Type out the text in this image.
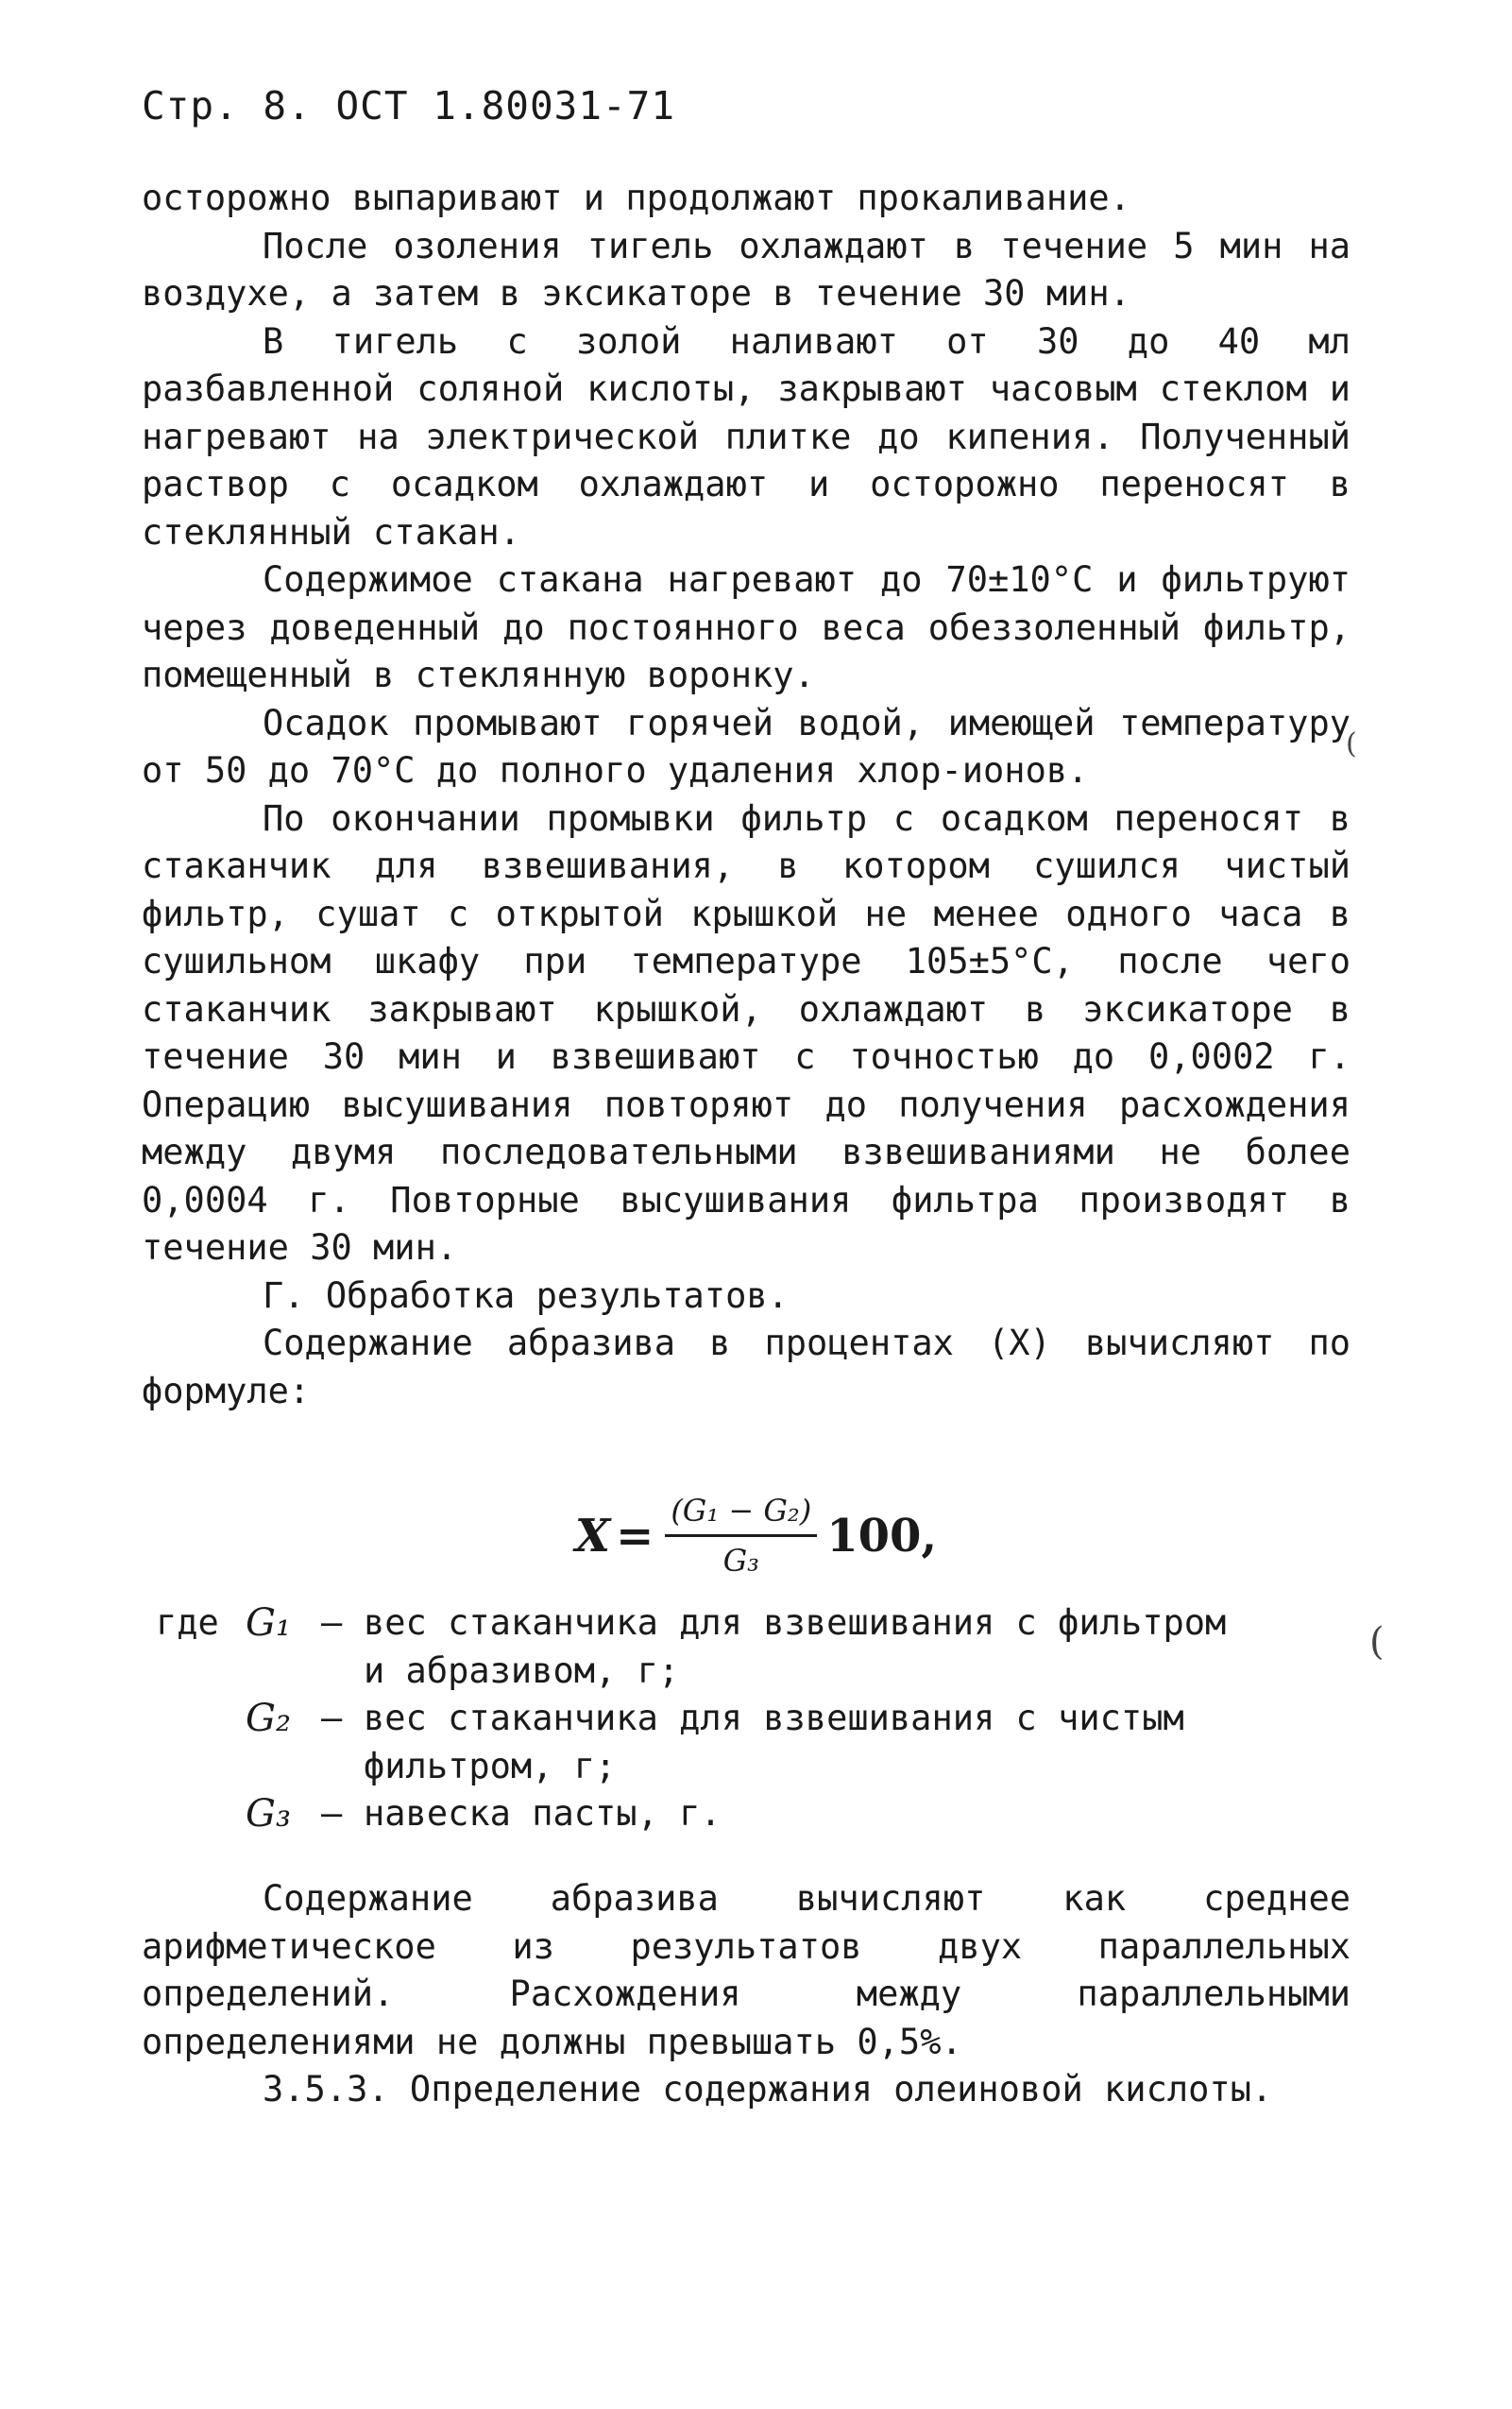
Стр. 8. ОСТ 1.80031-71

осторожно выпаривают и продолжают прокаливание.

После озоления тигель охлаждают в течение 5 мин на воздухе, а затем в эксикаторе в течение 30 мин.

В тигель с золой наливают от 30 до 40 мл разбавленной соляной кислоты, закрывают часовым стеклом и нагревают на электрической плитке до кипения. Полученный раствор с осадком охлаждают и осторожно переносят в стеклянный стакан.

Содержимое стакана нагревают до 70±10°С и фильтруют через доведенный до постоянного веса обеззоленный фильтр, помещенный в стеклянную воронку.

Осадок промывают горячей водой, имеющей температуру от 50 до 70°С до полного удаления хлор-ионов.

По окончании промывки фильтр с осадком переносят в стаканчик для взвешивания, в котором сушился чистый фильтр, сушат с открытой крышкой не менее одного часа в сушильном шкафу при температуре 105±5°С, после чего стаканчик закрывают крышкой, охлаждают в эксикаторе в течение 30 мин и взвешивают с точностью до 0,0002 г. Операцию высушивания повторяют до получения расхождения между двумя последовательными взвешиваниями не более 0,0004 г. Повторные высушивания фильтра производят в течение 30 мин.

Г. Обработка результатов.

Содержание абразива в процентах (X) вычисляют по формуле:

$X = \frac{\text{(G₁ − G₂)}}{\text{G₃}} 100$ ,
где G₁ – вес стаканчика для взвешивания с фильтром
и абразивом, г;
G₂ – вес стаканчика для взвешивания с чистым
фильтром, г;
G₃ – навеска пасты, г.

Содержание абразива вычисляют как среднее арифметическое из результатов двух параллельных определений. Расхождения между параллельными определениями не должны превышать 0,5%.

3.5.3. Определение содержания олеиновой кислоты.

(
(
